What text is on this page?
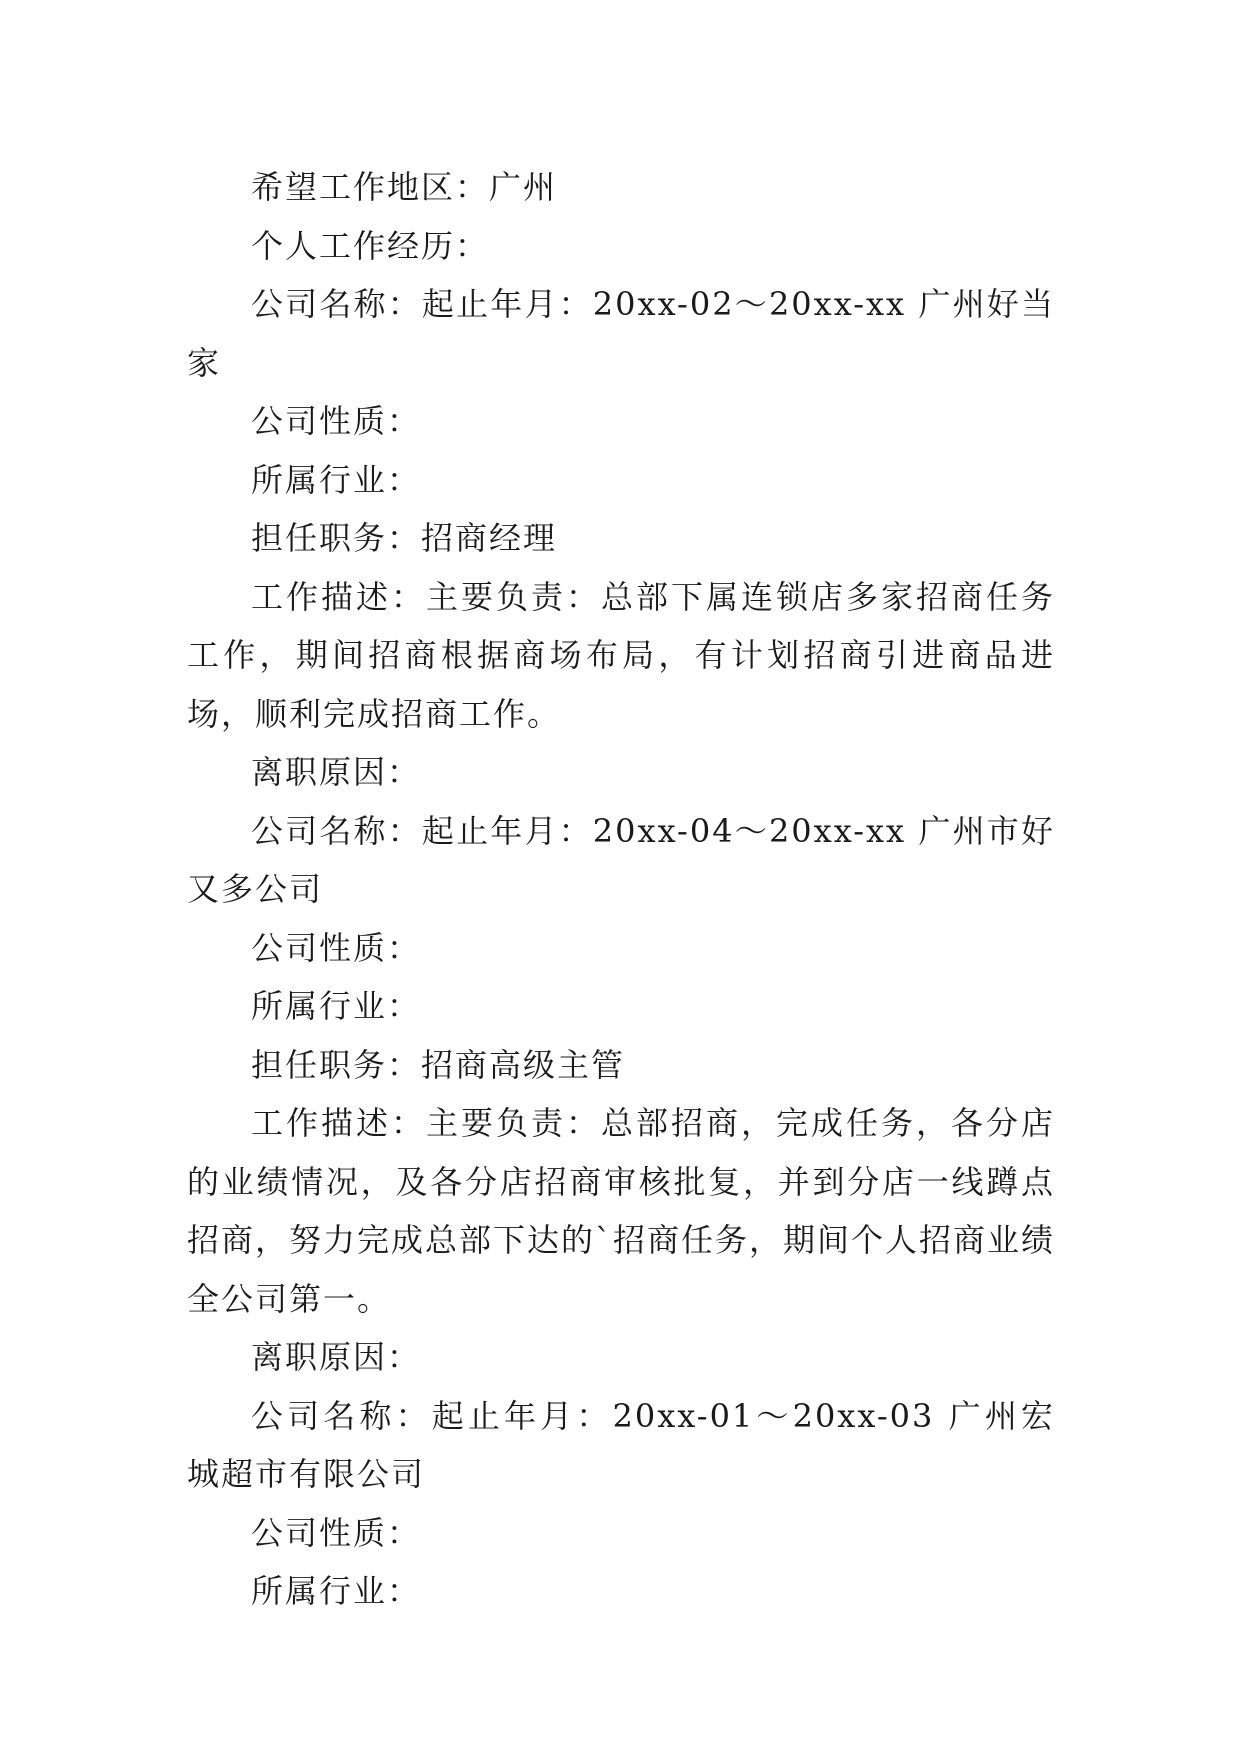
希望工作地区：广州

个人工作经历：

公司名称：起止年月：20xx-02～20xx-xx 广州好当家

公司性质：

所属行业：

担任职务：招商经理

工作描述：主要负责：总部下属连锁店多家招商任务工作，期间招商根据商场布局，有计划招商引进商品进场，顺利完成招商工作。

离职原因：

公司名称：起止年月：20xx-04～20xx-xx 广州市好又多公司

公司性质：

所属行业：

担任职务：招商高级主管

工作描述：主要负责：总部招商，完成任务，各分店的业绩情况，及各分店招商审核批复，并到分店一线蹲点招商，努力完成总部下达的`招商任务，期间个人招商业绩全公司第一。

离职原因：

公司名称：起止年月：20xx-01～20xx-03 广州宏城超市有限公司

公司性质：

所属行业：
